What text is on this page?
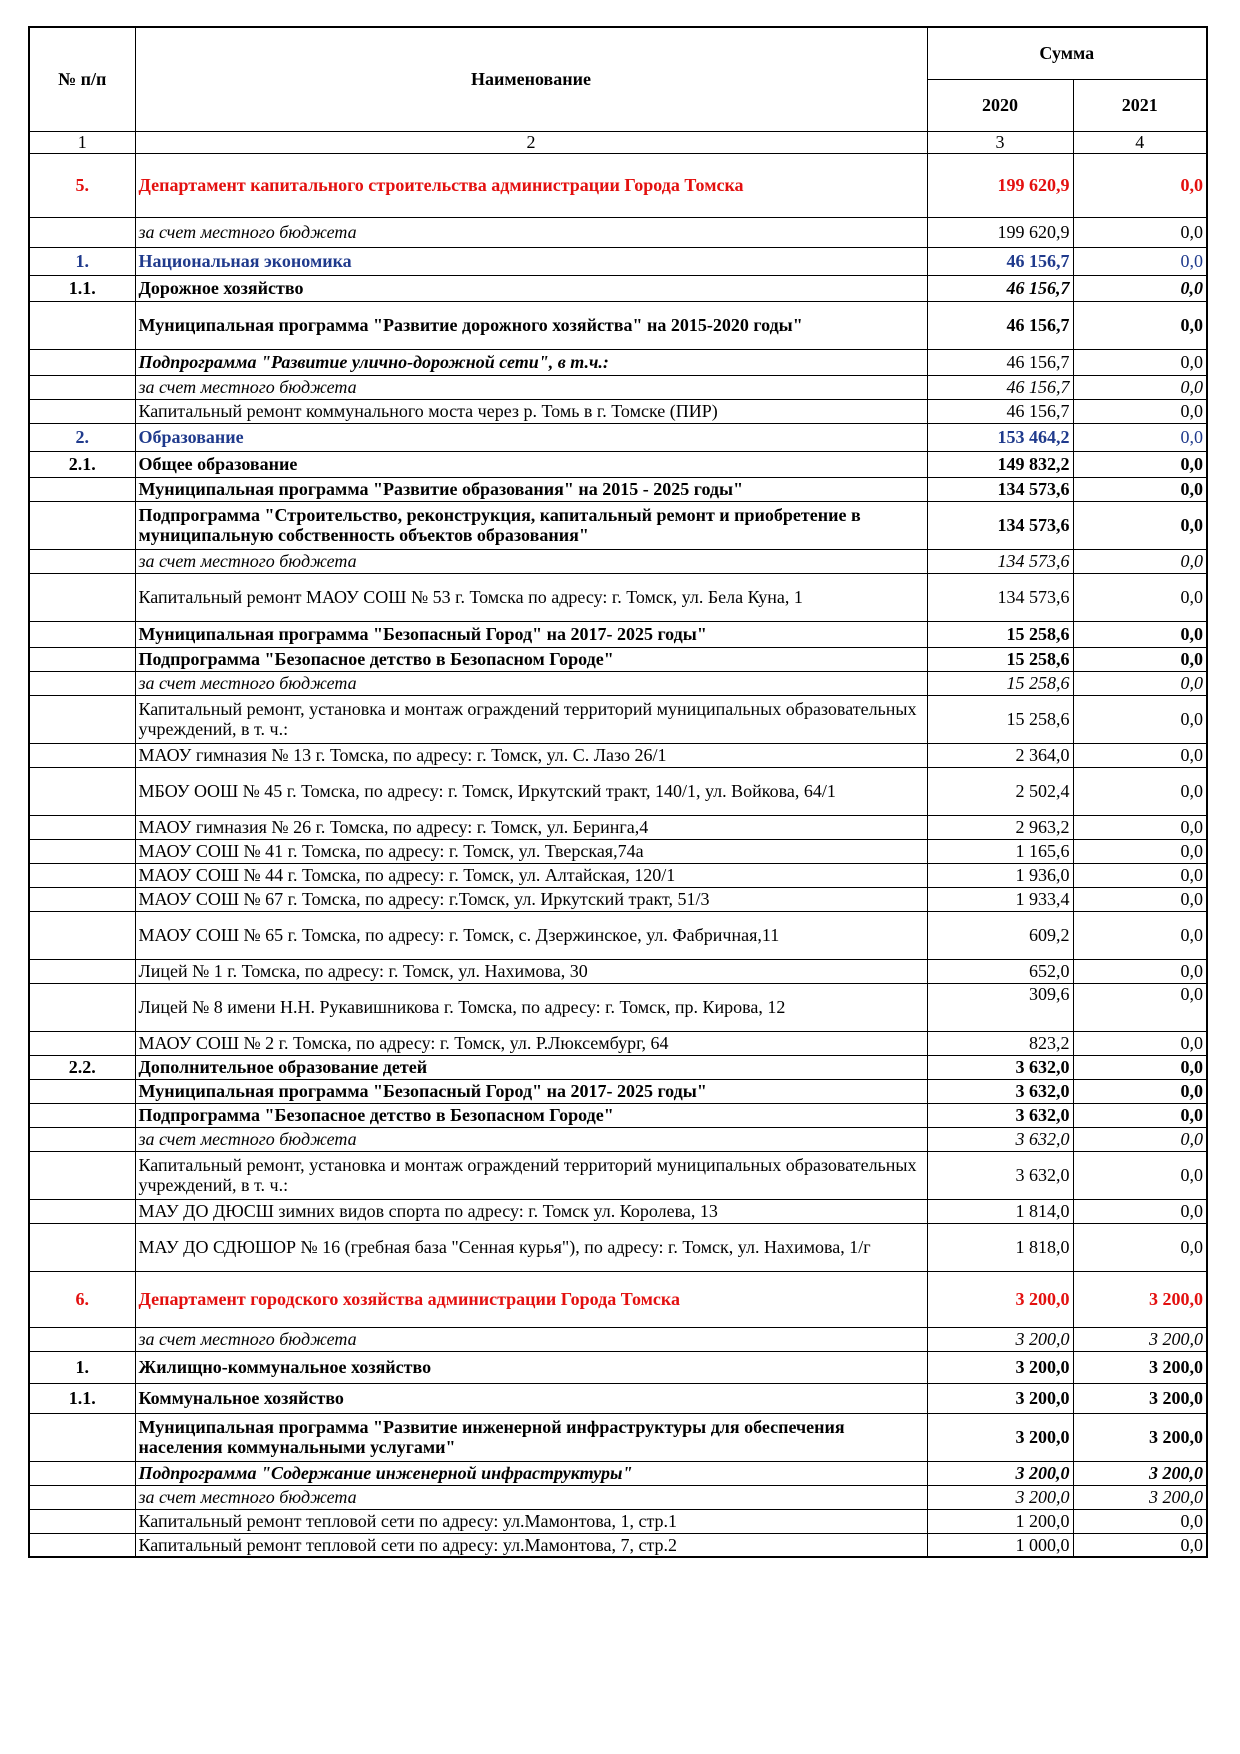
№ п/п	Наименование	Сумма	
		2020	2021
1	2	3	4
5.	Департамент капитального строительства администрации Города Томска	199 620,9	0,0
	за счет местного бюджета	199 620,9	0,0
1.	Национальная экономика	46 156,7	0,0
1.1.	Дорожное хозяйство	46 156,7	0,0
	Муниципальная программа "Развитие дорожного хозяйства" на 2015-2020 годы"	46 156,7	0,0
	Подпрограмма "Развитие улично-дорожной сети", в т.ч.:	46 156,7	0,0
	за счет местного бюджета	46 156,7	0,0
	Капитальный ремонт коммунального моста через р. Томь в г. Томске (ПИР)	46 156,7	0,0
2.	Образование	153 464,2	0,0
2.1.	Общее образование	149 832,2	0,0
	Муниципальная программа "Развитие образования" на 2015 - 2025 годы"	134 573,6	0,0
	Подпрограмма "Строительство, реконструкция, капитальный ремонт и приобретение в муниципальную собственность объектов образования"	134 573,6	0,0
	за счет местного бюджета	134 573,6	0,0
	Капитальный ремонт МАОУ СОШ № 53 г. Томска по адресу: г. Томск, ул. Бела Куна, 1	134 573,6	0,0
	Муниципальная программа "Безопасный Город" на 2017- 2025 годы"	15 258,6	0,0
	Подпрограмма "Безопасное детство в Безопасном Городе"	15 258,6	0,0
	за счет местного бюджета	15 258,6	0,0
	Капитальный ремонт, установка и монтаж ограждений территорий муниципальных образовательных учреждений, в т. ч.:	15 258,6	0,0
	МАОУ гимназия № 13 г. Томска, по адресу: г. Томск, ул. С. Лазо 26/1	2 364,0	0,0
	МБОУ ООШ № 45 г. Томска, по адресу: г. Томск, Иркутский тракт, 140/1, ул. Войкова, 64/1	2 502,4	0,0
	МАОУ гимназия № 26 г. Томска, по адресу: г. Томск, ул. Беринга,4	2 963,2	0,0
	МАОУ СОШ № 41 г. Томска, по адресу: г. Томск, ул. Тверская,74а	1 165,6	0,0
	МАОУ СОШ № 44 г. Томска, по адресу: г. Томск, ул. Алтайская, 120/1	1 936,0	0,0
	МАОУ СОШ № 67 г. Томска, по адресу: г.Томск, ул. Иркутский тракт, 51/3	1 933,4	0,0
	МАОУ СОШ № 65 г. Томска, по адресу: г. Томск, с. Дзержинское, ул. Фабричная,11	609,2	0,0
	Лицей № 1 г. Томска, по адресу: г. Томск, ул. Нахимова, 30	652,0	0,0
	Лицей № 8 имени Н.Н. Рукавишникова г. Томска, по адресу: г. Томск, пр. Кирова, 12	309,6	0,0
	МАОУ СОШ № 2 г. Томска, по адресу: г. Томск, ул. Р.Люксембург, 64	823,2	0,0
2.2.	Дополнительное образование детей	3 632,0	0,0
	Муниципальная программа "Безопасный Город" на 2017- 2025 годы"	3 632,0	0,0
	Подпрограмма "Безопасное детство в Безопасном Городе"	3 632,0	0,0
	за счет местного бюджета	3 632,0	0,0
	Капитальный ремонт, установка и монтаж ограждений территорий муниципальных образовательных учреждений, в т. ч.:	3 632,0	0,0
	МАУ ДО ДЮСШ зимних видов спорта по адресу: г. Томск ул. Королева, 13	1 814,0	0,0
	МАУ ДО СДЮШОР № 16 (гребная база "Сенная курья"), по адресу: г. Томск, ул. Нахимова, 1/г	1 818,0	0,0
6.	Департамент городского хозяйства администрации Города Томска	3 200,0	3 200,0
	за счет местного бюджета	3 200,0	3 200,0
1.	Жилищно-коммунальное хозяйство	3 200,0	3 200,0
1.1.	Коммунальное хозяйство	3 200,0	3 200,0
	Муниципальная программа "Развитие инженерной инфраструктуры для обеспечения населения коммунальными услугами"	3 200,0	3 200,0
	Подпрограмма "Содержание инженерной инфраструктуры"	3 200,0	3 200,0
	за счет местного бюджета	3 200,0	3 200,0
	Капитальный ремонт тепловой сети по адресу: ул.Мамонтова, 1, стр.1	1 200,0	0,0
	Капитальный ремонт тепловой сети по адресу: ул.Мамонтова, 7, стр.2	1 000,0	0,0
